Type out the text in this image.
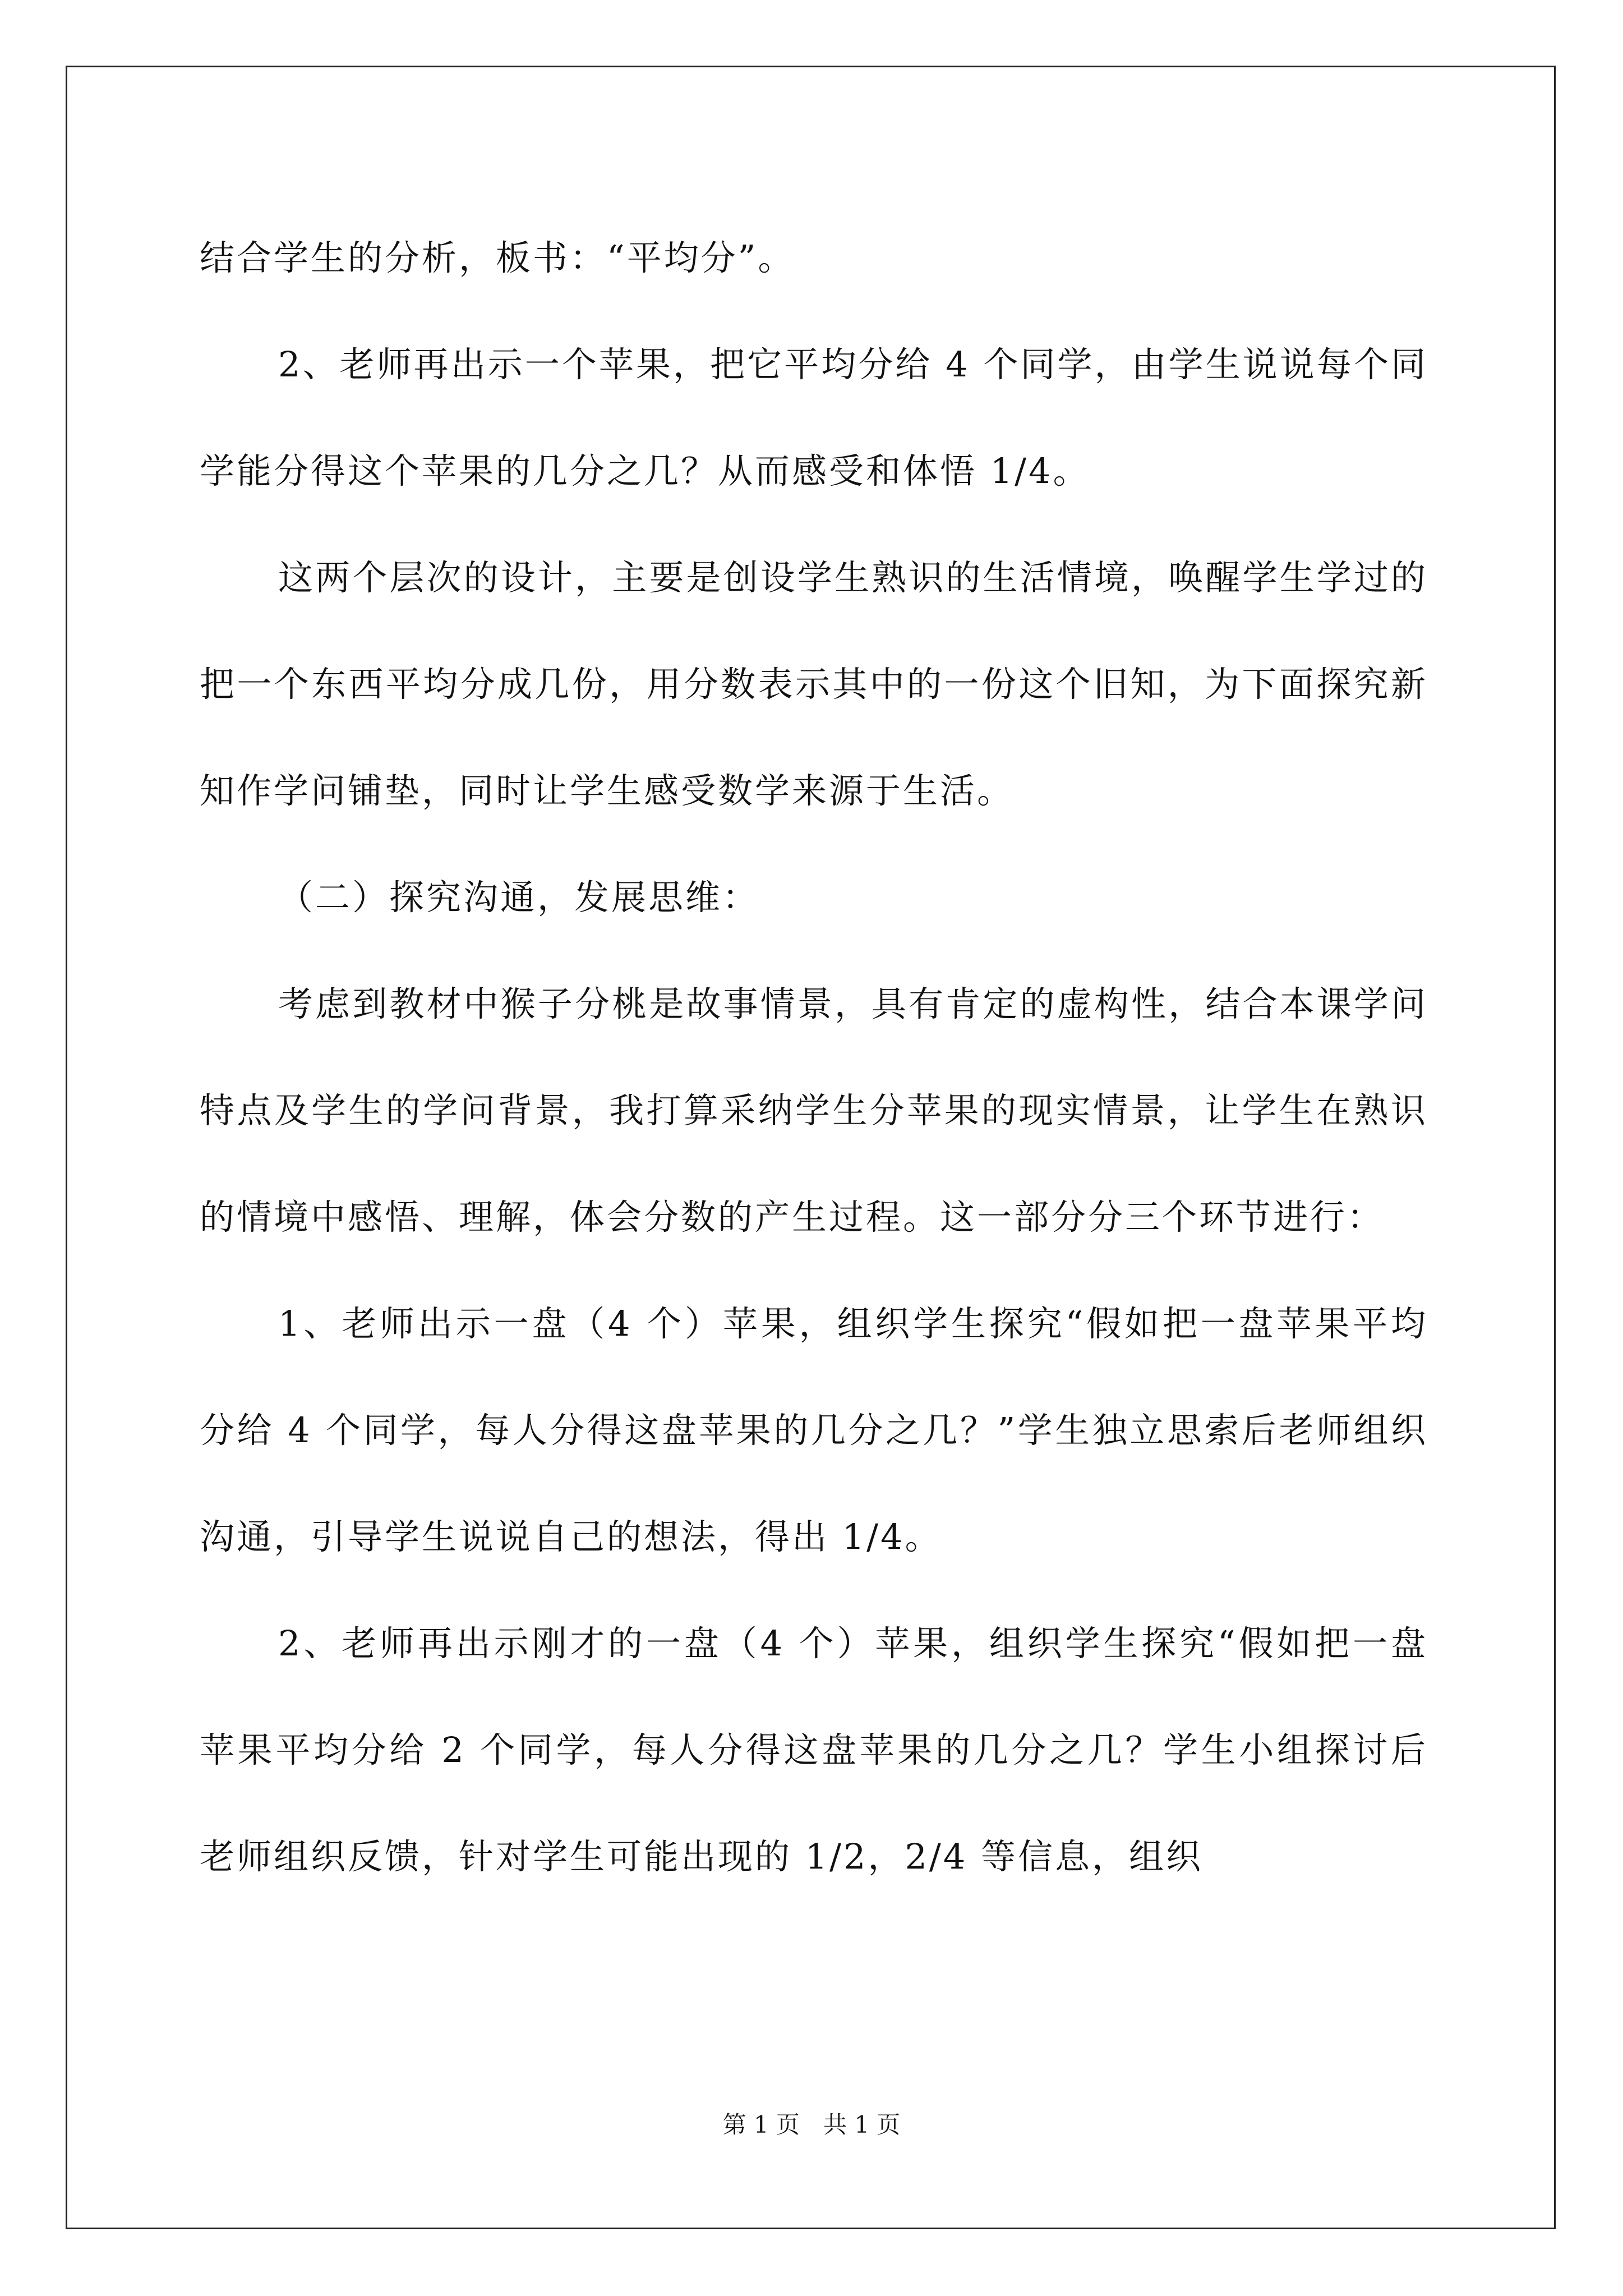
结合学生的分析，板书：“平均分”。

2、老师再出示一个苹果，把它平均分给 4 个同学，由学生说说每个同学能分得这个苹果的几分之几？从而感受和体悟 1/4。

这两个层次的设计，主要是创设学生熟识的生活情境，唤醒学生学过的把一个东西平均分成几份，用分数表示其中的一份这个旧知，为下面探究新知作学问铺垫，同时让学生感受数学来源于生活。

（二）探究沟通，发展思维：

考虑到教材中猴子分桃是故事情景，具有肯定的虚构性，结合本课学问特点及学生的学问背景，我打算采纳学生分苹果的现实情景，让学生在熟识的情境中感悟、理解，体会分数的产生过程。这一部分分三个环节进行：

1、老师出示一盘（4 个）苹果，组织学生探究“假如把一盘苹果平均分给 4 个同学，每人分得这盘苹果的几分之几？”学生独立思索后老师组织沟通，引导学生说说自己的想法，得出 1/4。

2、老师再出示刚才的一盘（4 个）苹果，组织学生探究“假如把一盘苹果平均分给 2 个同学，每人分得这盘苹果的几分之几？学生小组探讨后老师组织反馈，针对学生可能出现的 1/2，2/4 等信息，组织

第 1 页　共 1 页
